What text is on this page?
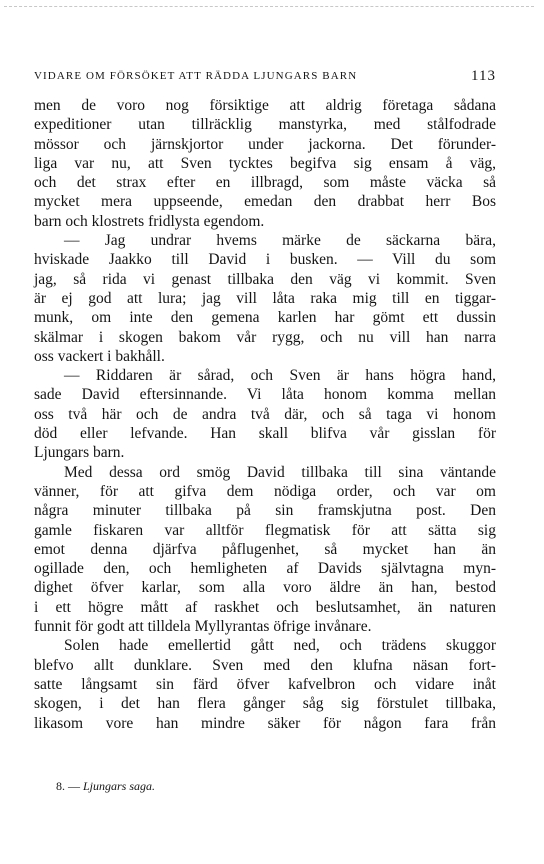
VIDARE OM FÖRSÖKET ATT RÄDDA LJUNGARS BARN	113
men de voro nog försiktige att aldrig företaga sådana
expeditioner utan tillräcklig manstyrka, med stålfodrade
mössor och järnskjortor under jackorna. Det förunder-
liga var nu, att Sven tycktes begifva sig ensam å väg,
och det strax efter en illbragd, som måste väcka så
mycket mera uppseende, emedan den drabbat herr Bos
barn och klostrets fridlysta egendom.
— Jag undrar hvems märke de säckarna bära,
hviskade Jaakko till David i busken. — Vill du som
jag, så rida vi genast tillbaka den väg vi kommit. Sven
är ej god att lura; jag vill låta raka mig till en tiggar-
munk, om inte den gemena karlen har gömt ett dussin
skälmar i skogen bakom vår rygg, och nu vill han narra
oss vackert i bakhåll.
— Riddaren är sårad, och Sven är hans högra hand,
sade David eftersinnande. Vi låta honom komma mellan
oss två här och de andra två där, och så taga vi honom
död eller lefvande. Han skall blifva vår gisslan för
Ljungars barn.
Med dessa ord smög David tillbaka till sina väntande
vänner, för att gifva dem nödiga order, och var om
några minuter tillbaka på sin framskjutna post. Den
gamle fiskaren var alltför flegmatisk för att sätta sig
emot denna djärfva påflugenhet, så mycket han än
ogillade den, och hemligheten af Davids självtagna myn-
dighet öfver karlar, som alla voro äldre än han, bestod
i ett högre mått af raskhet och beslutsamhet, än naturen
funnit för godt att tilldela Myllyrantas öfrige invånare.
Solen hade emellertid gått ned, och trädens skuggor
blefvo allt dunklare. Sven med den klufna näsan fort-
satte långsamt sin färd öfver kafvelbron och vidare inåt
skogen, i det han flera gånger såg sig förstulet tillbaka,
likasom vore han mindre säker för någon fara från
8. — Ljungars saga.
